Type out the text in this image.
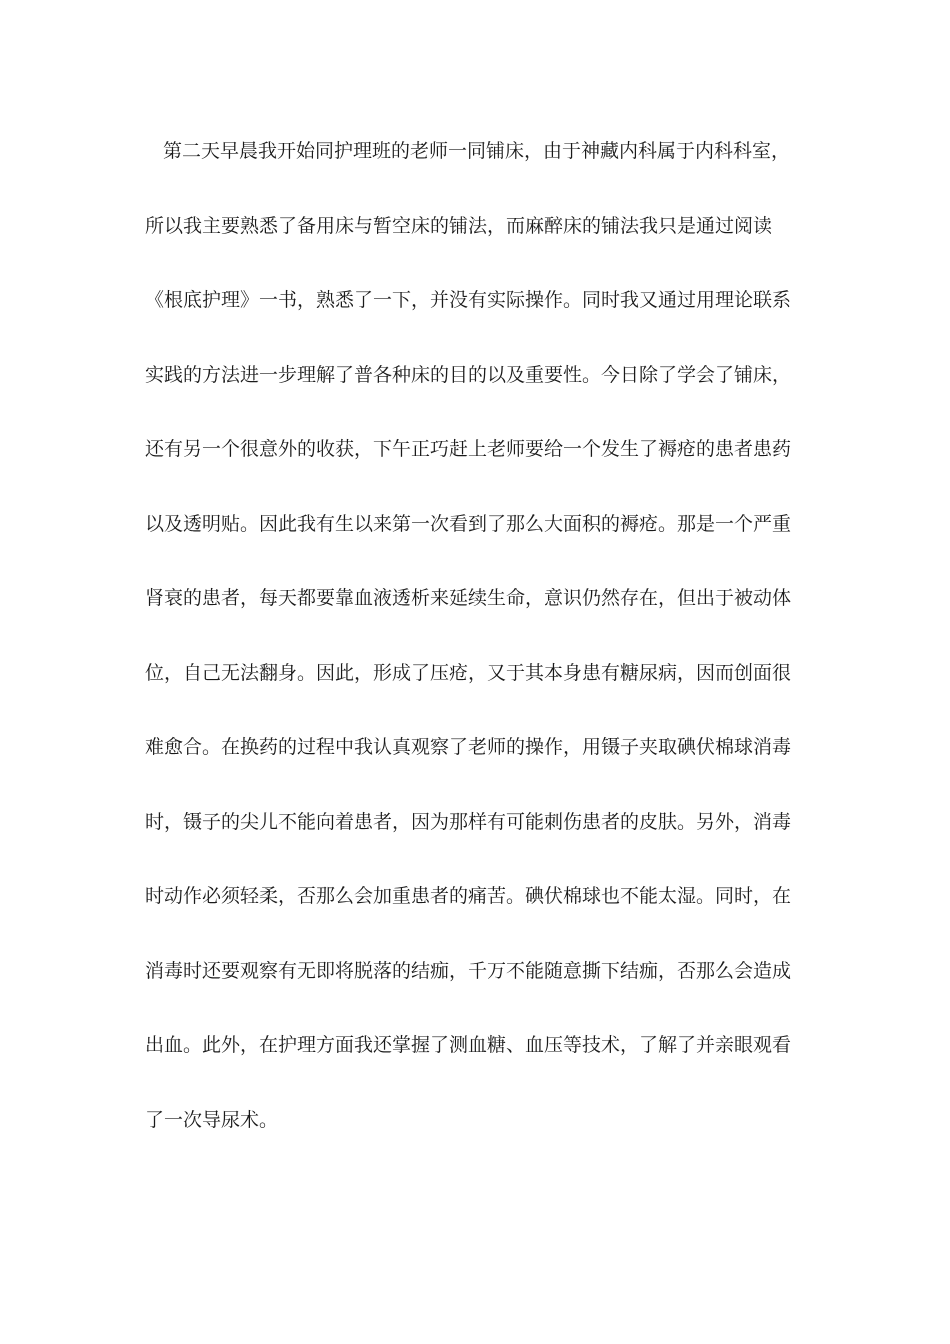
第二天早晨我开始同护理班的老师一同铺床，由于神藏内科属于内科科室，
所以我主要熟悉了备用床与暂空床的铺法，而麻醉床的铺法我只是通过阅读
《根底护理》一书，熟悉了一下，并没有实际操作。同时我又通过用理论联系
实践的方法进一步理解了普各种床的目的以及重要性。今日除了学会了铺床，
还有另一个很意外的收获，下午正巧赶上老师要给一个发生了褥疮的患者患药
以及透明贴。因此我有生以来第一次看到了那么大面积的褥疮。那是一个严重
肾衰的患者，每天都要靠血液透析来延续生命，意识仍然存在，但出于被动体
位，自己无法翻身。因此，形成了压疮，又于其本身患有糖尿病，因而创面很
难愈合。在换药的过程中我认真观察了老师的操作，用镊子夹取碘伏棉球消毒
时，镊子的尖儿不能向着患者，因为那样有可能刺伤患者的皮肤。另外，消毒
时动作必须轻柔，否那么会加重患者的痛苦。碘伏棉球也不能太湿。同时，在
消毒时还要观察有无即将脱落的结痂，千万不能随意撕下结痂，否那么会造成
出血。此外，在护理方面我还掌握了测血糖、血压等技术，了解了并亲眼观看
了一次导尿术。
